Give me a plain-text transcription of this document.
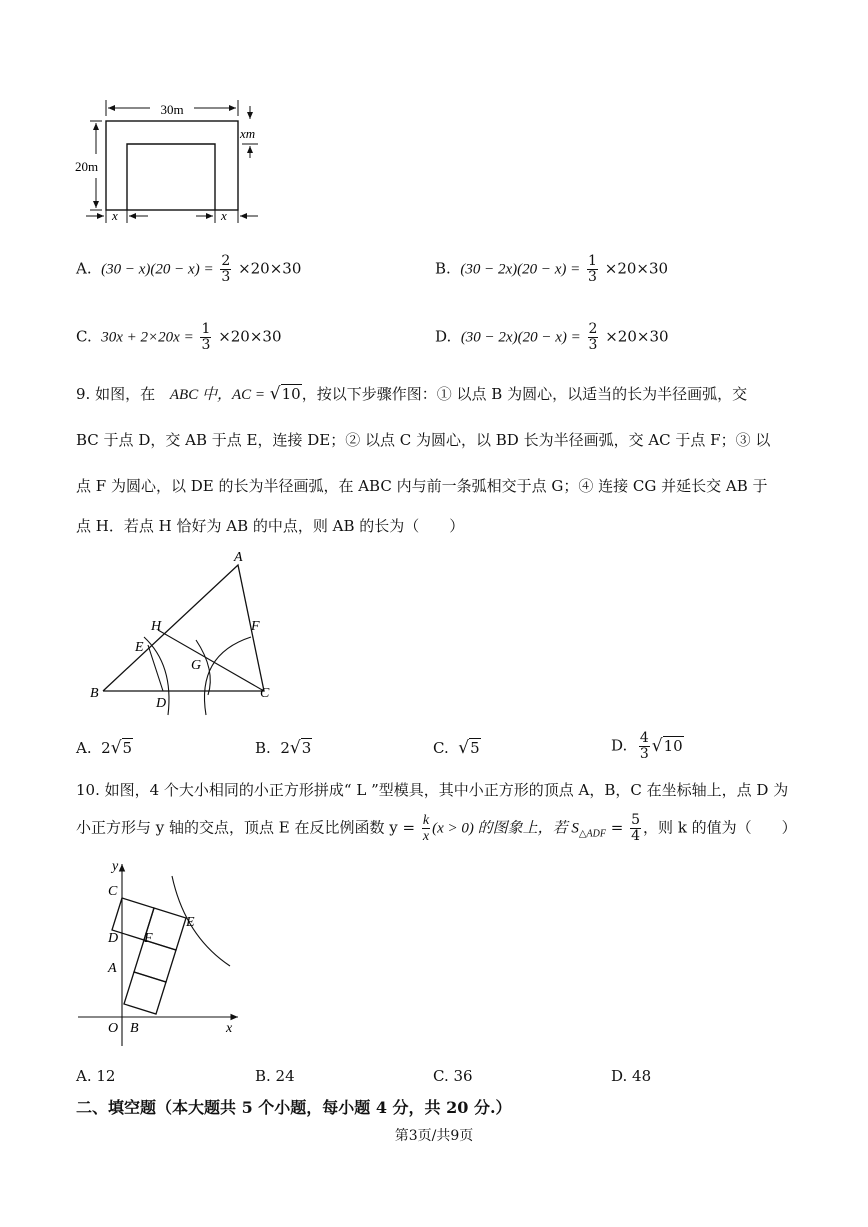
30m
20m
xm
x	x
A. $(30 - x)(20 - x) = \frac{2}{3} \times 20\times 30$	B. $(30 - 2x)(20 - x) = \frac{1}{3} \times 20\times 30$
C. $30x + 2\times 20x = \frac{1}{3} \times 20\times 30$	D. $(30 - 2x)(20 - x) = \frac{2}{3} \times 20\times 30$
9. 如图，在 ABC 中，AC = √10，按以下步骤作图：① 以点 B 为圆心，以适当的长为半径画弧，交
BC 于点 D，交 AB 于点 E，连接 DE；② 以点 C 为圆心，以 BD 长为半径画弧，交 AC 于点 F；③ 以
点 F 为圆心，以 DE 的长为半径画弧，在 ABC 内与前一条弧相交于点 G；④ 连接 CG 并延长交 AB 于
点 H．若点 H 恰好为 AB 的中点，则 AB 的长为（　　）
A
B	C
D
E
F
G
H
A. 2√5	B. 2√3	C. √5	D. $\frac{4}{3} √10$
10. 如图，4 个大小相同的小正方形拼成“ L ”型模具，其中小正方形的顶点 A，B，C 在坐标轴上，点 D 为
小正方形与 y 轴的交点，顶点 E 在反比例函数 $y = \frac{k}{x} (x > 0)$ 的图象上，若 $S_{\triangle ADF} = \frac{5}{4}$ ，则 k 的值为（　　）
y
x
O B
A
D
C
F
E
A. 12	B. 24	C. 36	D. 48
二、填空题（本大题共 5 个小题，每小题 4 分，共 20 分.）
第3页/共9页
